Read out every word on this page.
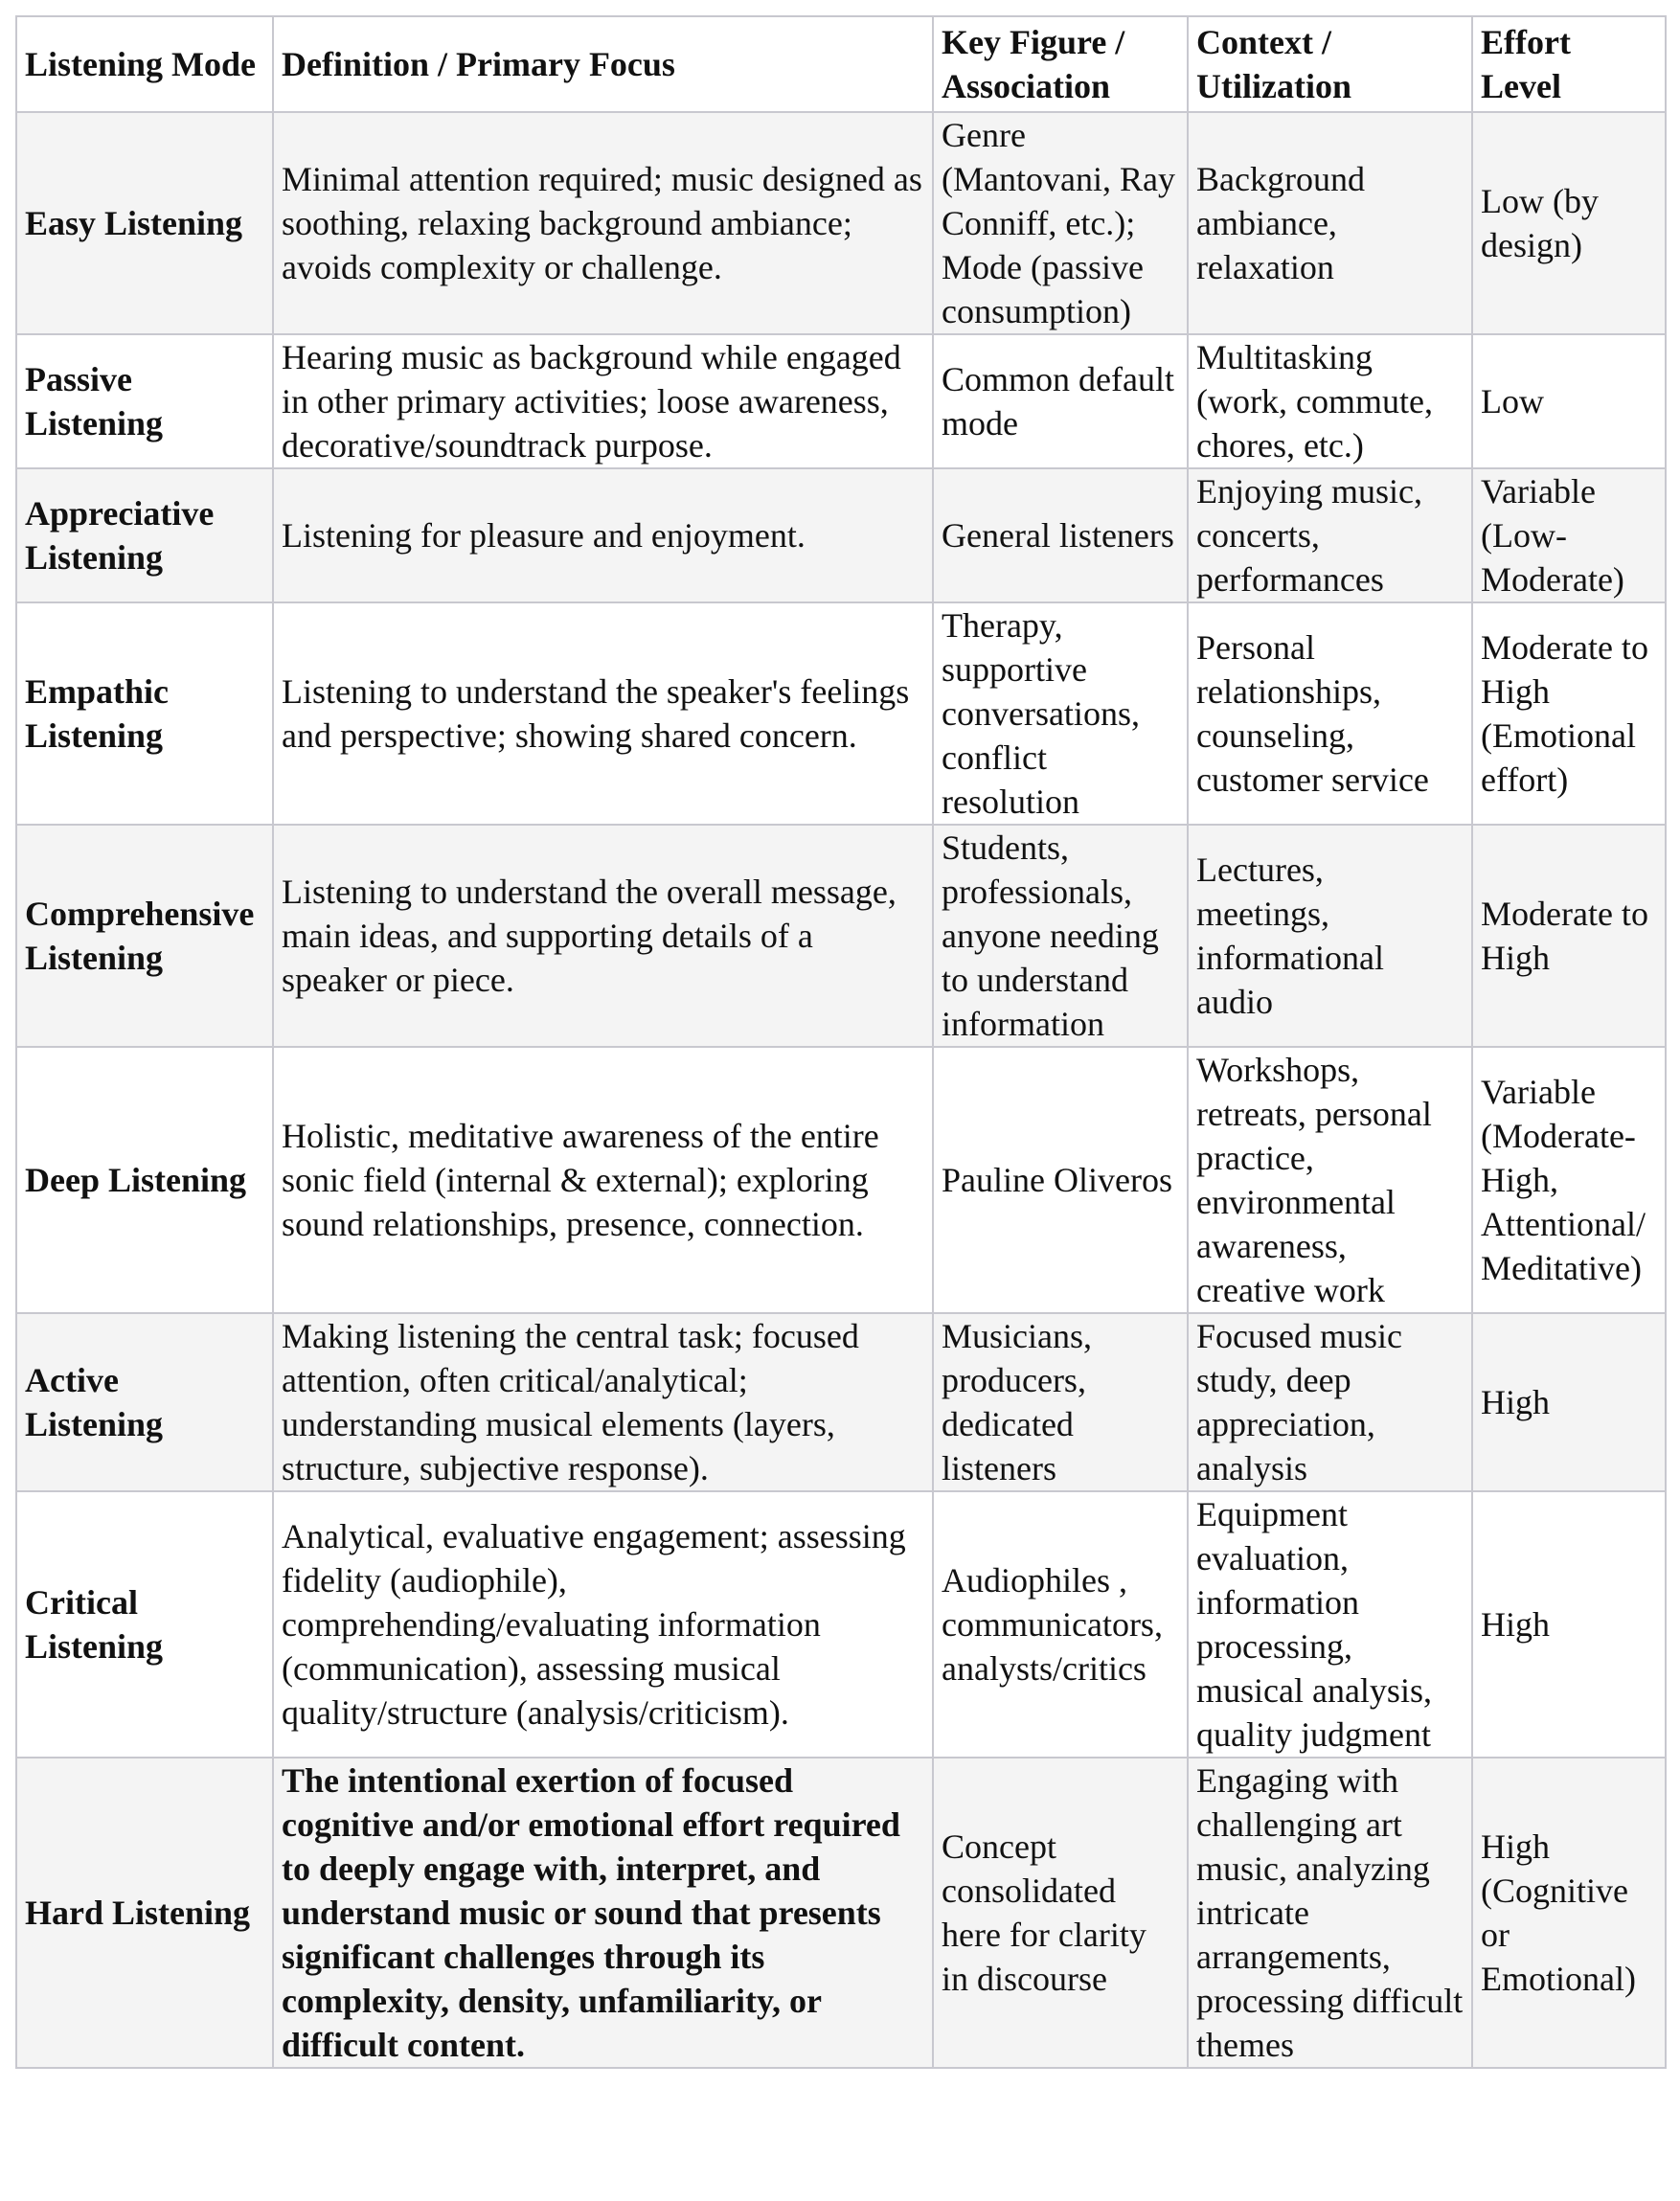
Listening Mode	Definition / Primary Focus	Key Figure / Association	Context / Utilization	Effort Level
Easy Listening	Minimal attention required; music designed as soothing, relaxing background ambiance; avoids complexity or challenge.	Genre (Mantovani, Ray Conniff, etc.); Mode (passive consumption)	Background ambiance, relaxation	Low (by design)
Passive Listening	Hearing music as background while engaged in other primary activities; loose awareness, decorative/soundtrack purpose.	Common default mode	Multitasking (work, commute, chores, etc.)	Low
Appreciative Listening	Listening for pleasure and enjoyment.	General listeners	Enjoying music, concerts, performances	Variable (Low-Moderate)
Empathic Listening	Listening to understand the speaker's feelings and perspective; showing shared concern.	Therapy, supportive conversations, conflict resolution	Personal relationships, counseling, customer service	Moderate to High (Emotional effort)
Comprehensive Listening	Listening to understand the overall message, main ideas, and supporting details of a speaker or piece.	Students, professionals, anyone needing to understand information	Lectures, meetings, informational audio	Moderate to High
Deep Listening	Holistic, meditative awareness of the entire sonic field (internal & external); exploring sound relationships, presence, connection.	Pauline Oliveros	Workshops, retreats, personal practice, environmental awareness, creative work	Variable (Moderate-High, Attentional/ Meditative)
Active Listening	Making listening the central task; focused attention, often critical/analytical; understanding musical elements (layers, structure, subjective response).	Musicians, producers, dedicated listeners	Focused music study, deep appreciation, analysis	High
Critical Listening	Analytical, evaluative engagement; assessing fidelity (audiophile), comprehending/evaluating information (communication), assessing musical quality/structure (analysis/criticism).	Audiophiles , communicators, analysts/critics	Equipment evaluation, information processing, musical analysis, quality judgment	High
Hard Listening	The intentional exertion of focused cognitive and/or emotional effort required to deeply engage with, interpret, and understand music or sound that presents significant challenges through its complexity, density, unfamiliarity, or difficult content.	Concept consolidated here for clarity in discourse	Engaging with challenging art music, analyzing intricate arrangements, processing difficult themes	High (Cognitive or Emotional)
